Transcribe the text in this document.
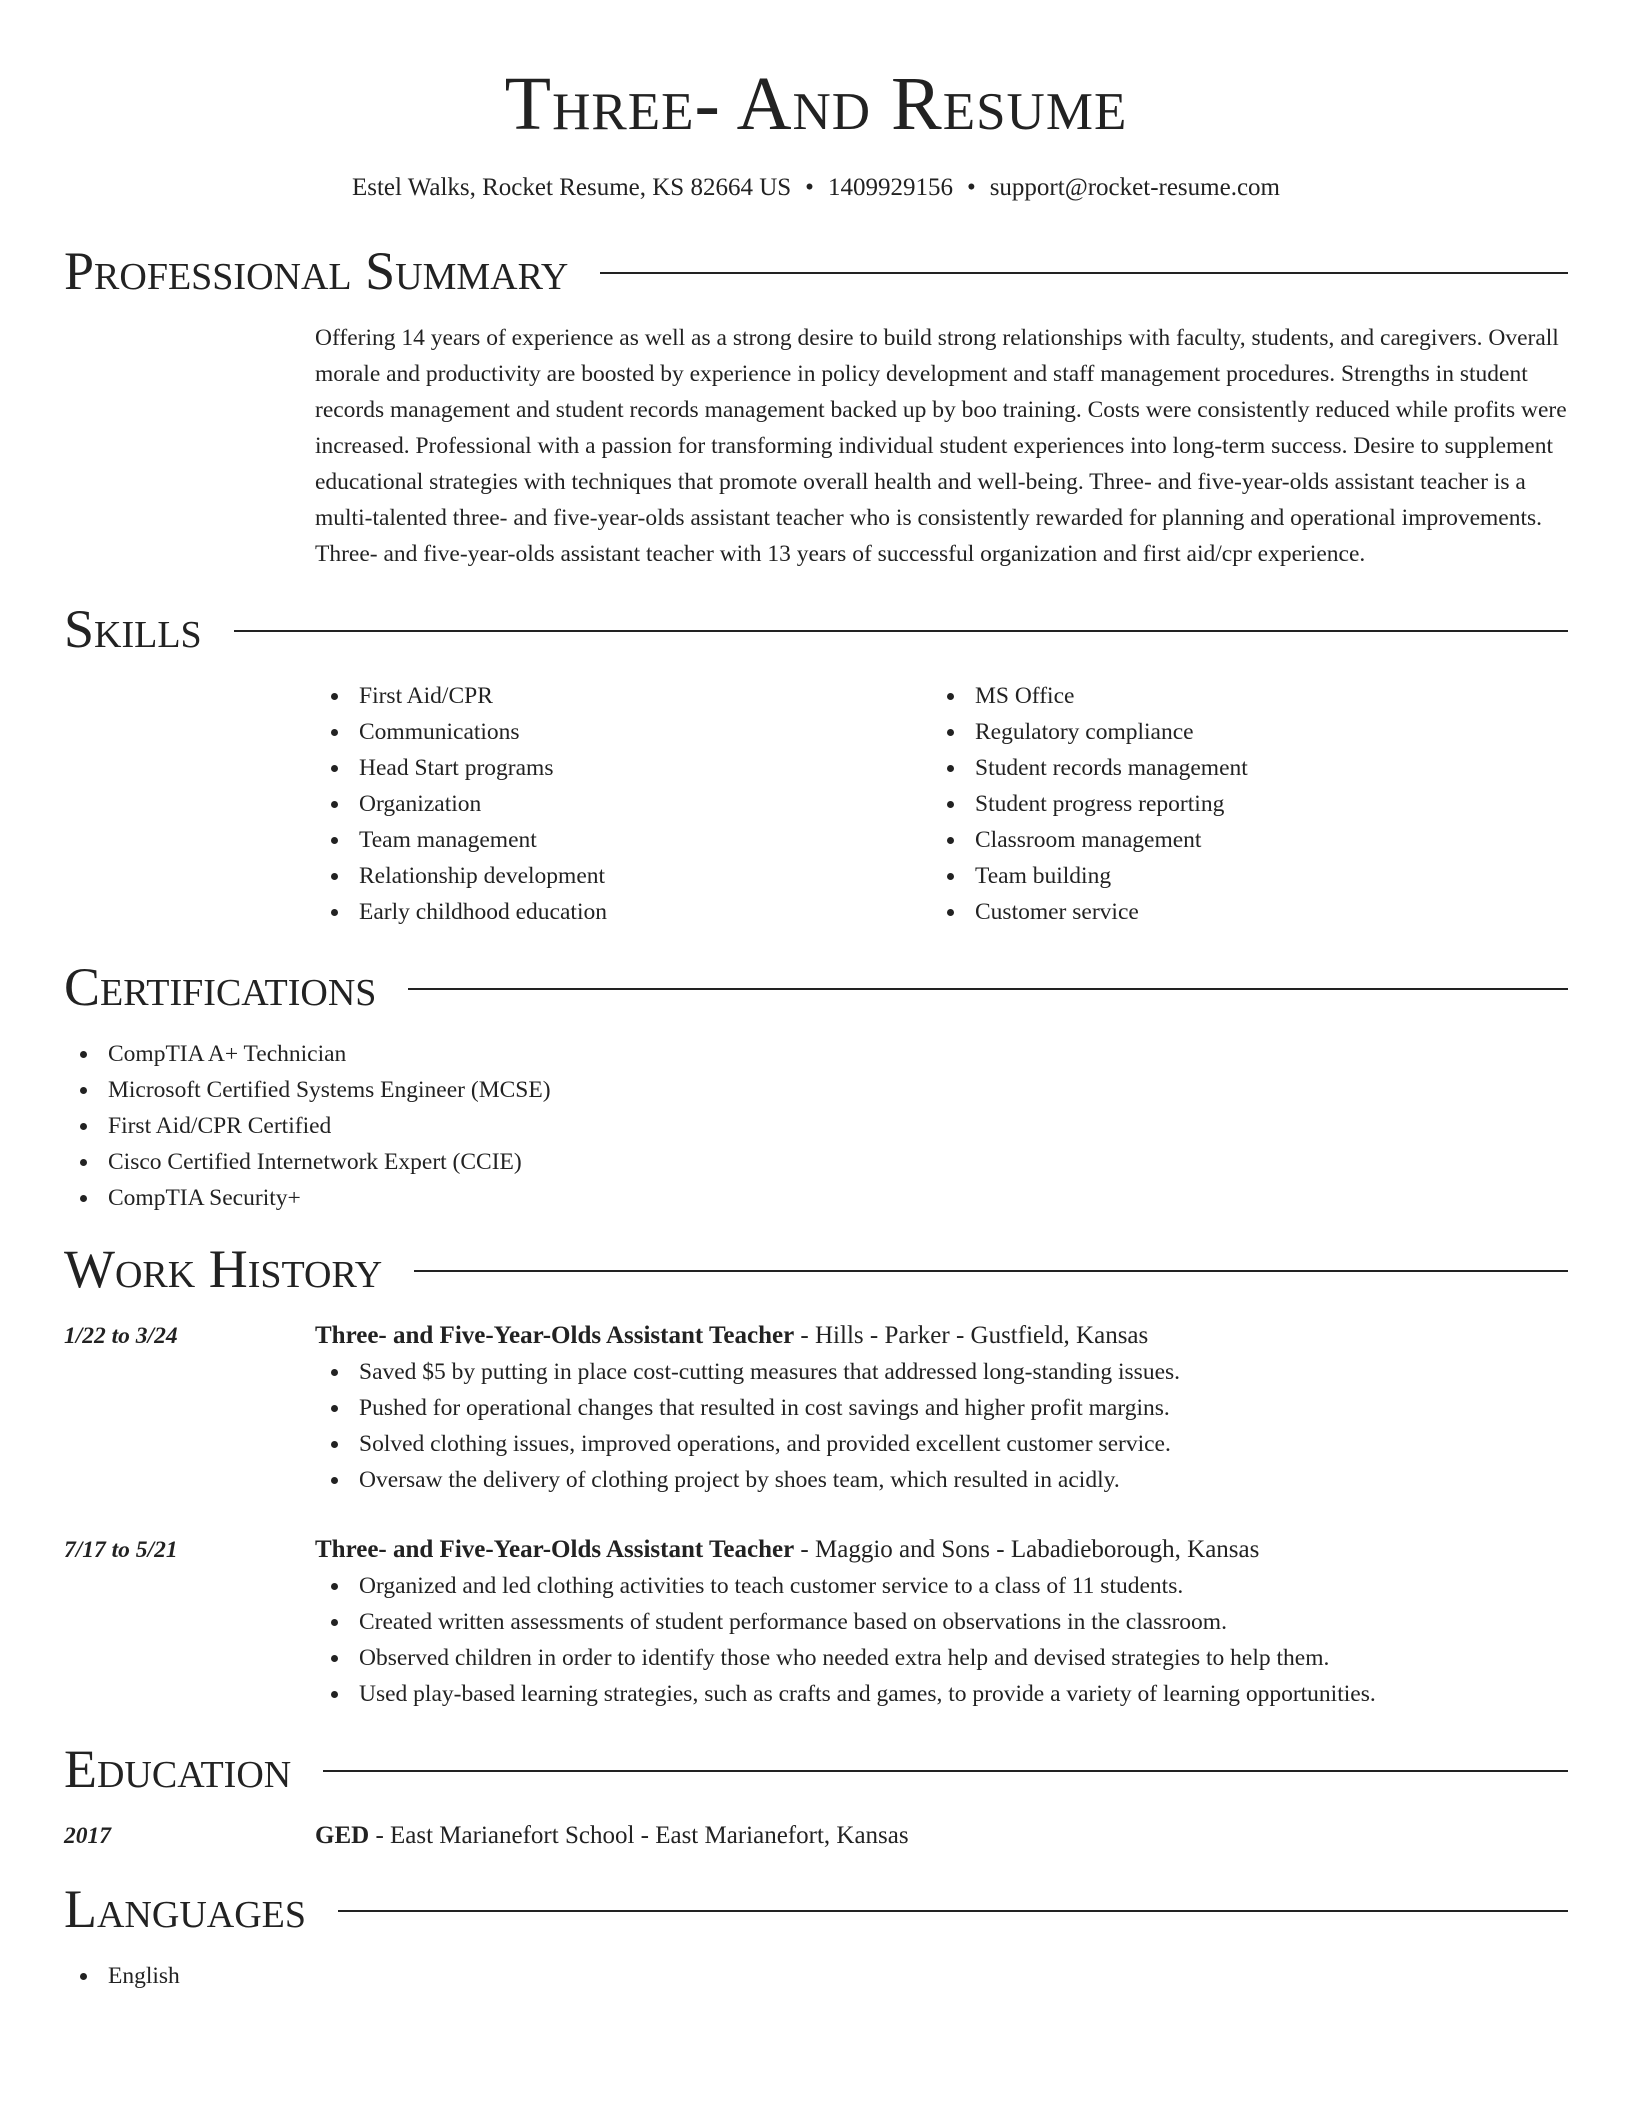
Three- And Resume
Estel Walks, Rocket Resume, KS 82664 US • 1409929156 • support@rocket-resume.com
Professional Summary
Offering 14 years of experience as well as a strong desire to build strong relationships with faculty, students, and caregivers. Overall morale and productivity are boosted by experience in policy development and staff management procedures. Strengths in student records management and student records management backed up by boo training. Costs were consistently reduced while profits were increased. Professional with a passion for transforming individual student experiences into long-term success. Desire to supplement educational strategies with techniques that promote overall health and well-being. Three- and five-year-olds assistant teacher is a multi-talented three- and five-year-olds assistant teacher who is consistently rewarded for planning and operational improvements. Three- and five-year-olds assistant teacher with 13 years of successful organization and first aid/cpr experience.
Skills
First Aid/CPR
Communications
Head Start programs
Organization
Team management
Relationship development
Early childhood education
MS Office
Regulatory compliance
Student records management
Student progress reporting
Classroom management
Team building
Customer service
Certifications
CompTIA A+ Technician
Microsoft Certified Systems Engineer (MCSE)
First Aid/CPR Certified
Cisco Certified Internetwork Expert (CCIE)
CompTIA Security+
Work History
1/22 to 3/24	Three- and Five-Year-Olds Assistant Teacher - Hills - Parker - Gustfield, Kansas
Saved $5 by putting in place cost-cutting measures that addressed long-standing issues.
Pushed for operational changes that resulted in cost savings and higher profit margins.
Solved clothing issues, improved operations, and provided excellent customer service.
Oversaw the delivery of clothing project by shoes team, which resulted in acidly.
7/17 to 5/21	Three- and Five-Year-Olds Assistant Teacher - Maggio and Sons - Labadieborough, Kansas
Organized and led clothing activities to teach customer service to a class of 11 students.
Created written assessments of student performance based on observations in the classroom.
Observed children in order to identify those who needed extra help and devised strategies to help them.
Used play-based learning strategies, such as crafts and games, to provide a variety of learning opportunities.
Education
2017	GED - East Marianefort School - East Marianefort, Kansas
Languages
English
